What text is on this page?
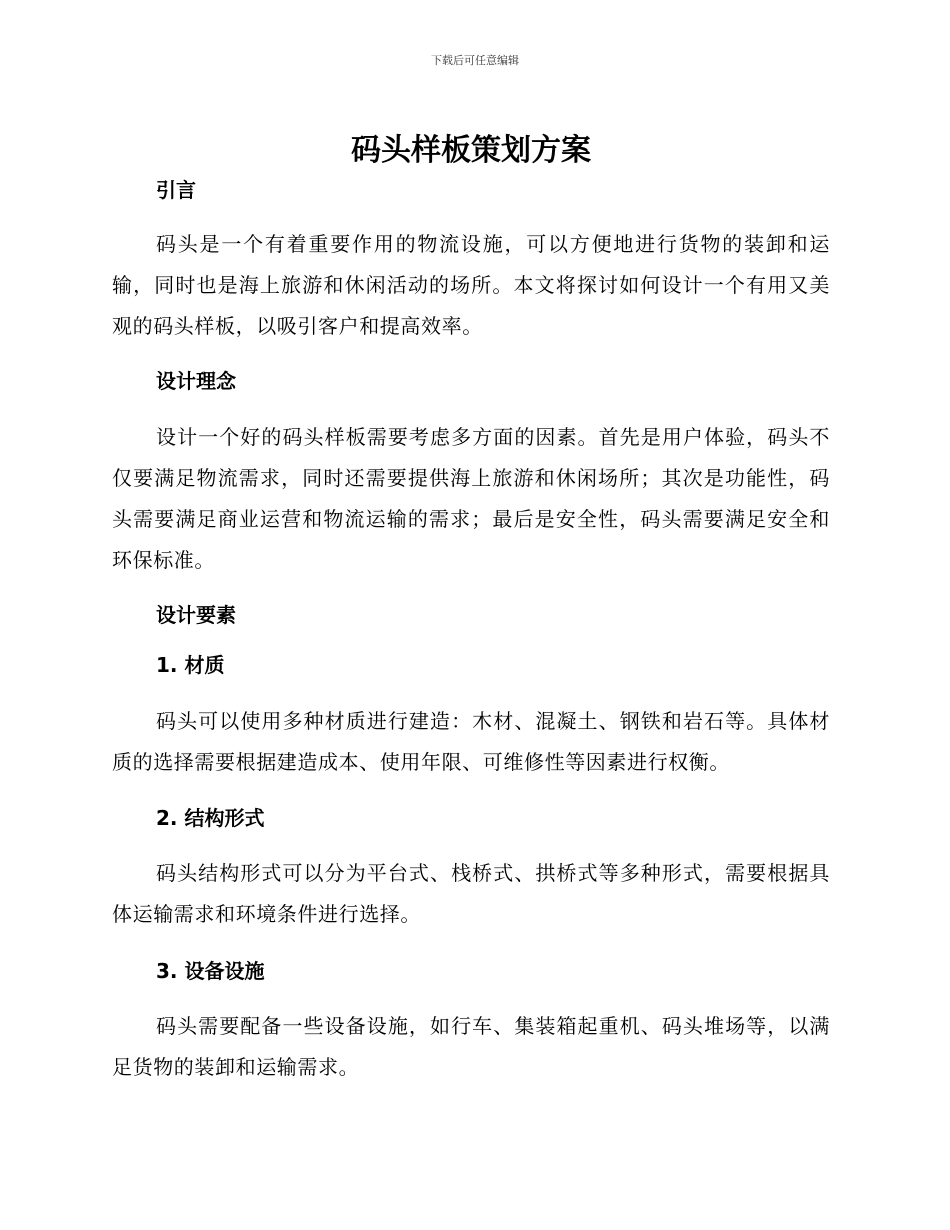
下载后可任意编辑
码头样板策划方案
引言

码头是一个有着重要作用的物流设施，可以方便地进行货物的装卸和运输，同时也是海上旅游和休闲活动的场所。本文将探讨如何设计一个有用又美观的码头样板，以吸引客户和提高效率。

设计理念

设计一个好的码头样板需要考虑多方面的因素。首先是用户体验，码头不仅要满足物流需求，同时还需要提供海上旅游和休闲场所；其次是功能性，码头需要满足商业运营和物流运输的需求；最后是安全性，码头需要满足安全和环保标准。

设计要素
1. 材质

码头可以使用多种材质进行建造：木材、混凝土、钢铁和岩石等。具体材质的选择需要根据建造成本、使用年限、可维修性等因素进行权衡。

2. 结构形式

码头结构形式可以分为平台式、栈桥式、拱桥式等多种形式，需要根据具体运输需求和环境条件进行选择。

3. 设备设施

码头需要配备一些设备设施，如行车、集装箱起重机、码头堆场等，以满足货物的装卸和运输需求。
